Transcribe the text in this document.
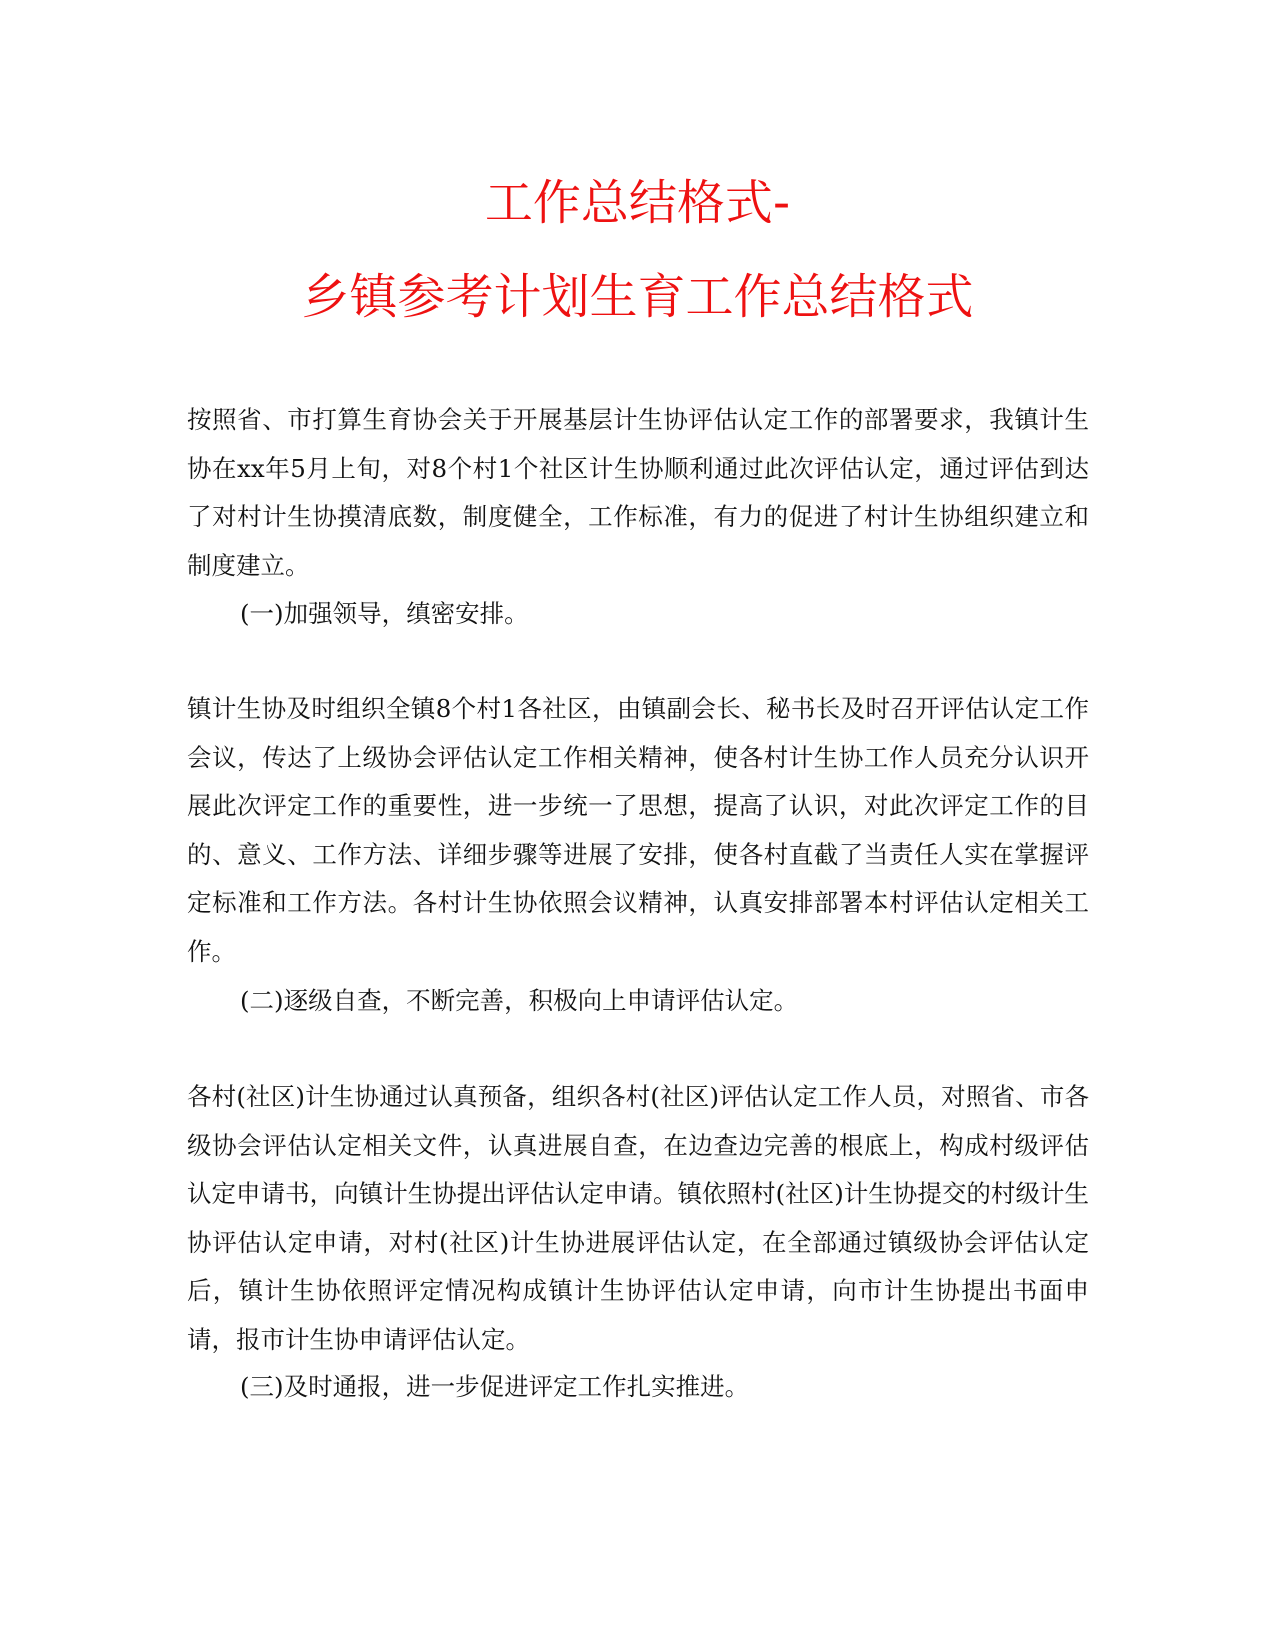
工作总结格式-
乡镇参考计划生育工作总结格式

按照省、市打算生育协会关于开展基层计生协评估认定工作的部署要求，我镇计生协在xx年5月上旬，对8个村1个社区计生协顺利通过此次评估认定，通过评估到达了对村计生协摸清底数，制度健全，工作标准，有力的促进了村计生协组织建立和制度建立。

(一)加强领导，缜密安排。

镇计生协及时组织全镇8个村1各社区，由镇副会长、秘书长及时召开评估认定工作会议，传达了上级协会评估认定工作相关精神，使各村计生协工作人员充分认识开展此次评定工作的重要性，进一步统一了思想，提高了认识，对此次评定工作的目的、意义、工作方法、详细步骤等进展了安排，使各村直截了当责任人实在掌握评定标准和工作方法。各村计生协依照会议精神，认真安排部署本村评估认定相关工作。

(二)逐级自查，不断完善，积极向上申请评估认定。

各村(社区)计生协通过认真预备，组织各村(社区)评估认定工作人员，对照省、市各级协会评估认定相关文件，认真进展自查，在边查边完善的根底上，构成村级评估认定申请书，向镇计生协提出评估认定申请。镇依照村(社区)计生协提交的村级计生协评估认定申请，对村(社区)计生协进展评估认定，在全部通过镇级协会评估认定后，镇计生协依照评定情况构成镇计生协评估认定申请，向市计生协提出书面申请，报市计生协申请评估认定。

(三)及时通报，进一步促进评定工作扎实推进。
